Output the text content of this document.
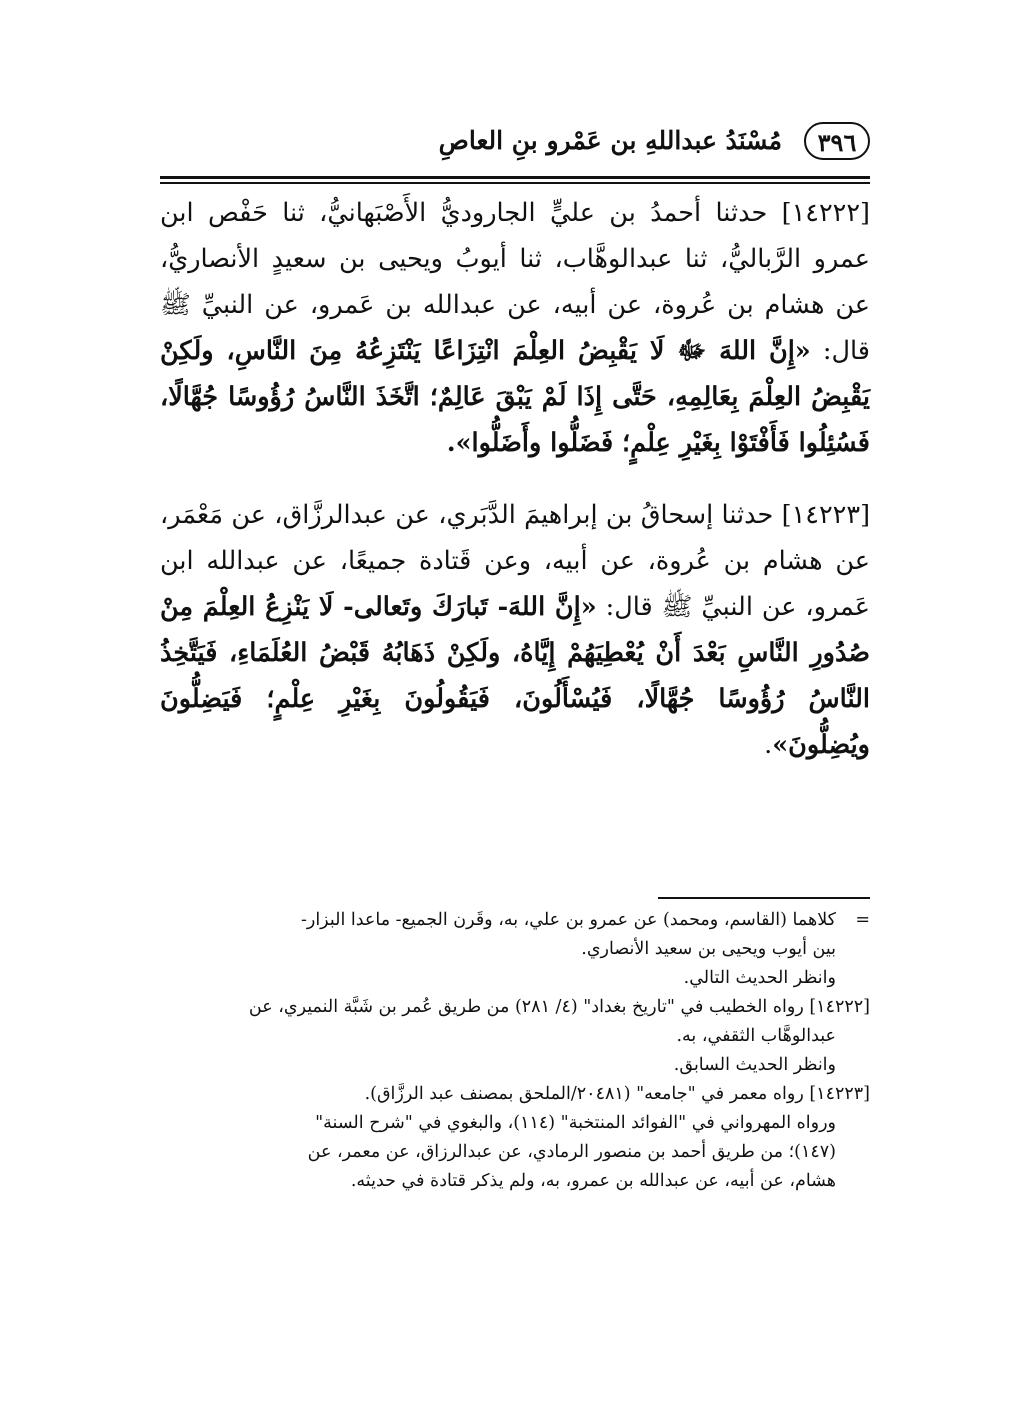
٣٩٦
مُسْنَدُ عبداللهِ بن عَمْرو بنِ العاصِ

[١٤٢٢٢] حدثنا أحمدُ بن عليٍّ الجاروديُّ الأَصْبَهانيُّ، ثنا حَفْص ابن عمرو الرَّباليُّ، ثنا عبدالوهَّاب، ثنا أيوبُ ويحيى بن سعيدٍ الأنصاريُّ، عن هشام بن عُروة، عن أبيه، عن عبدالله بن عَمرو، عن النبيِّ ﷺ قال: «إِنَّ اللهَ ﷻ لَا يَقْبِضُ العِلْمَ انْتِزَاعًا يَنْتَزِعُهُ مِنَ النَّاسِ، ولَكِنْ يَقْبِضُ العِلْمَ بِعَالِمِهِ، حَتَّى إِذَا لَمْ يَبْقَ عَالِمٌ؛ اتَّخَذَ النَّاسُ رُؤُوسًا جُهَّالًا، فَسُئِلُوا فَأَفْتَوْا بِغَيْرِ عِلْمٍ؛ فَضَلُّوا وأَضَلُّوا».

[١٤٢٢٣] حدثنا إسحاقُ بن إبراهيمَ الدَّبَري، عن عبدالرزَّاق، عن مَعْمَر، عن هشام بن عُروة، عن أبيه، وعن قَتادة جميعًا، عن عبدالله ابن عَمرو، عن النبيِّ ﷺ قال: «إِنَّ اللهَ- تَبارَكَ وتَعالى- لَا يَنْزِعُ العِلْمَ مِنْ صُدُورِ النَّاسِ بَعْدَ أَنْ يُعْطِيَهُمْ إِيَّاهُ، ولَكِنْ ذَهَابُهُ قَبْضُ العُلَمَاءِ، فَيَتَّخِذُ النَّاسُ رُؤُوسًا جُهَّالًا، فَيُسْأَلُونَ، فَيَقُولُونَ بِغَيْرِ عِلْمٍ؛ فَيَضِلُّونَ ويُضِلُّونَ».

=
كلاهما (القاسم، ومحمد) عن عمرو بن علي، به، وقَرن الجميع- ماعدا البزار-

بين أيوب ويحيى بن سعيد الأنصاري.

وانظر الحديث التالي.

[١٤٢٢٢] رواه الخطيب في "تاريخ بغداد" (٤/ ٢٨١) من طريق عُمر بن شَبَّة النميري، عن

عبدالوهَّاب الثقفي، به.

وانظر الحديث السابق.

[١٤٢٢٣] رواه معمر في "جامعه" (٢٠٤٨١/الملحق بمصنف عبد الرزَّاق).

ورواه المهرواني في "الفوائد المنتخبة" (١١٤)، والبغوي في "شرح السنة"

(١٤٧)؛ من طريق أحمد بن منصور الرمادي، عن عبدالرزاق، عن معمر، عن

هشام، عن أبيه، عن عبدالله بن عمرو، به، ولم يذكر قتادة في حديثه.
